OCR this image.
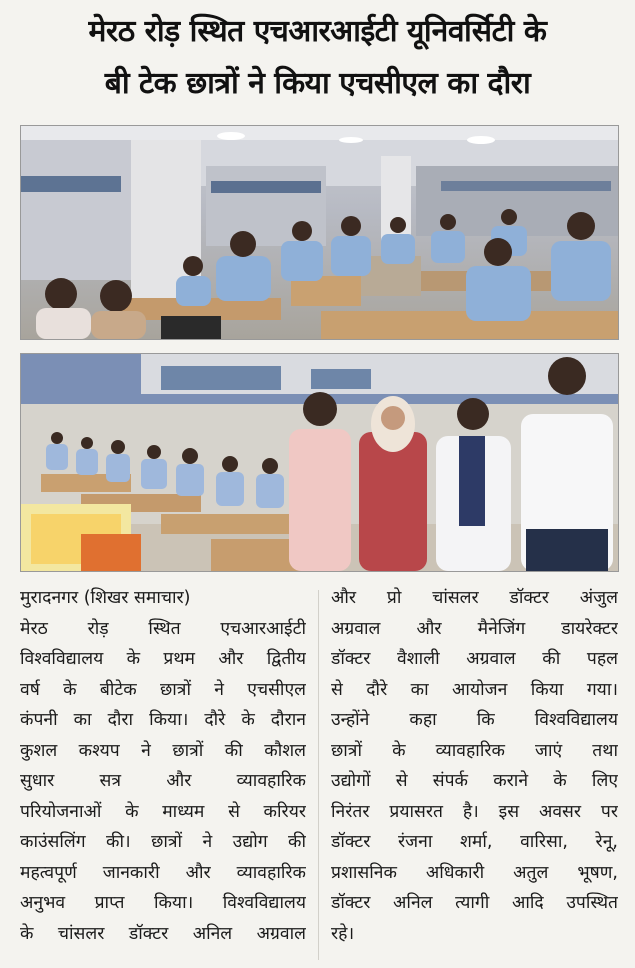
मेरठ रोड़ स्थित एचआरआईटी यूनिवर्सिटी के
बी टेक छात्रों ने किया एचसीएल का दौरा
मुरादनगर (शिखर समाचार)
मेरठ रोड़ स्थित एचआरआईटी
विश्वविद्यालय के प्रथम और द्वितीय
वर्ष के बीटेक छात्रों ने एचसीएल
कंपनी का दौरा किया। दौरे के दौरान
कुशल कश्यप ने छात्रों की कौशल
सुधार सत्र और व्यावहारिक
परियोजनाओं के माध्यम से करियर
काउंसलिंग की। छात्रों ने उद्योग की
महत्वपूर्ण जानकारी और व्यावहारिक
अनुभव प्राप्त किया। विश्वविद्यालय
के चांसलर डॉक्टर अनिल अग्रवाल
और प्रो चांसलर डॉक्टर अंजुल
अग्रवाल और मैनेजिंग डायरेक्टर
डॉक्टर वैशाली अग्रवाल की पहल
से दौरे का आयोजन किया गया।
उन्होंने कहा कि विश्वविद्यालय
छात्रों के व्यावहारिक जाएं तथा
उद्योगों से संपर्क कराने के लिए
निरंतर प्रयासरत है। इस अवसर पर
डॉक्टर रंजना शर्मा, वारिसा, रेनू,
प्रशासनिक अधिकारी अतुल भूषण,
डॉक्टर अनिल त्यागी आदि उपस्थित
रहे।
